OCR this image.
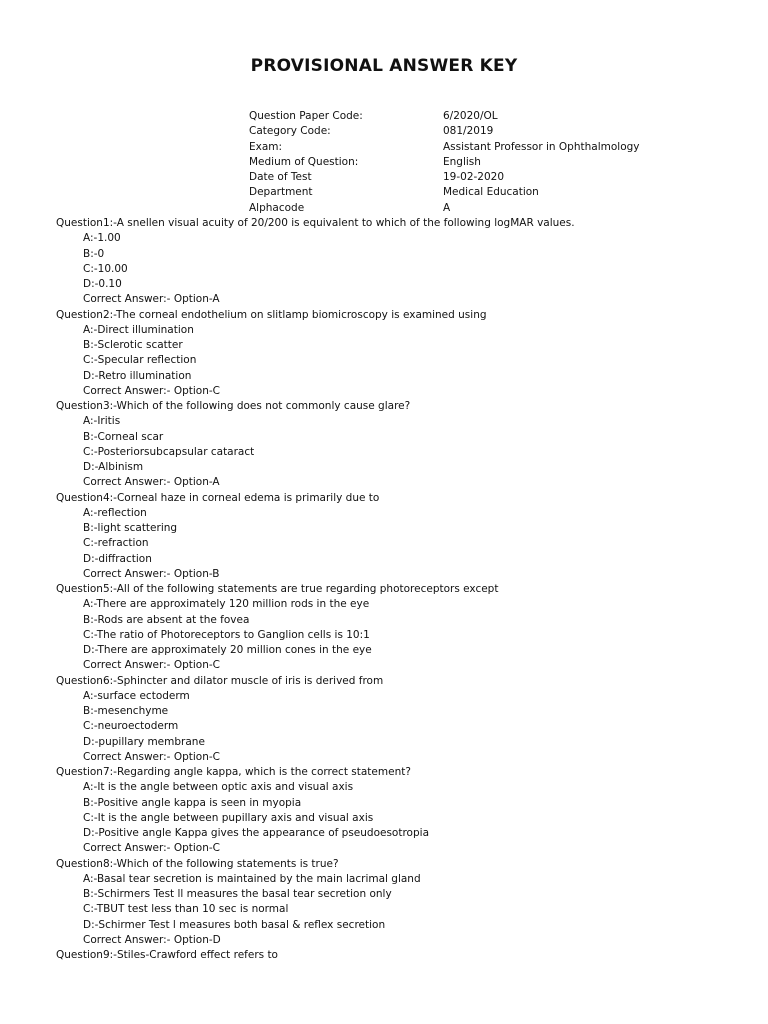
PROVISIONAL ANSWER KEY
Question Paper Code:	6/2020/OL
Category Code:	081/2019
Exam:	Assistant Professor in Ophthalmology
Medium of Question:	English
Date of Test	19-02-2020
Department	Medical Education
Alphacode	A
Question1:-A snellen visual acuity of 20/200 is equivalent to which of the following logMAR values.
A:-1.00
B:-0
C:-10.00
D:-0.10
Correct Answer:- Option-A
Question2:-The corneal endothelium on slitlamp biomicroscopy is examined using
A:-Direct illumination
B:-Sclerotic scatter
C:-Specular reflection
D:-Retro illumination
Correct Answer:- Option-C
Question3:-Which of the following does not commonly cause glare?
A:-Iritis
B:-Corneal scar
C:-Posteriorsubcapsular cataract
D:-Albinism
Correct Answer:- Option-A
Question4:-Corneal haze in corneal edema is primarily due to
A:-reflection
B:-light scattering
C:-refraction
D:-diffraction
Correct Answer:- Option-B
Question5:-All of the following statements are true regarding photoreceptors except
A:-There are approximately 120 million rods in the eye
B:-Rods are absent at the fovea
C:-The ratio of Photoreceptors to Ganglion cells is 10:1
D:-There are approximately 20 million cones in the eye
Correct Answer:- Option-C
Question6:-Sphincter and dilator muscle of iris is derived from
A:-surface ectoderm
B:-mesenchyme
C:-neuroectoderm
D:-pupillary membrane
Correct Answer:- Option-C
Question7:-Regarding angle kappa, which is the correct statement?
A:-It is the angle between optic axis and visual axis
B:-Positive angle kappa is seen in myopia
C:-It is the angle between pupillary axis and visual axis
D:-Positive angle Kappa gives the appearance of pseudoesotropia
Correct Answer:- Option-C
Question8:-Which of the following statements is true?
A:-Basal tear secretion is maintained by the main lacrimal gland
B:-Schirmers Test ll measures the basal tear secretion only
C:-TBUT test less than 10 sec is normal
D:-Schirmer Test l measures both basal & reflex secretion
Correct Answer:- Option-D
Question9:-Stiles-Crawford effect refers to
